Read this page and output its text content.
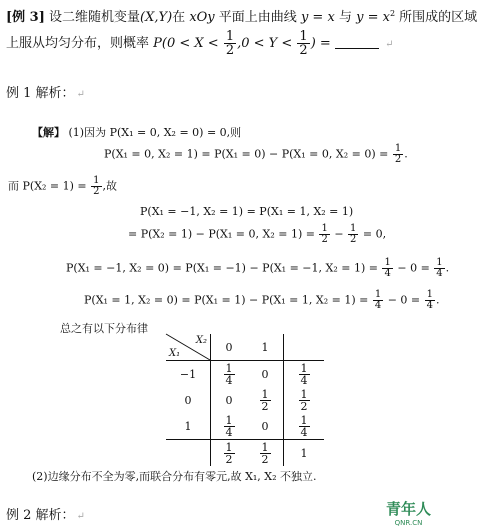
[例 3] 设二维随机变量(X,Y)在 xOy 平面上由曲线 y = x 与 $y = x^2$ 所围成的区域
上服从均匀分布，则概率 $P(0 < X < \frac{1}{2} ,0 < Y < \frac{1}{2}$ ) =	↵
例 1 解析： ↵
【解】 (1)因为 P(X₁ = 0, X₂ = 0) = 0,则
P(X₁ = 0, X₂ = 1) = P(X₁ = 0) − P(X₁ = 0, $X_2 = 0) = \frac{1}{2}$ .
而 $P(X_2 = 1) = \frac{1}{2}$ ,故
P(X₁ = −1, X₂ = 1) = P(X₁ = 1, X₂ = 1)
= P(X₂ = 1) − P(X₁ = 0, $X_2 = 1) = \frac{1}{2} - \frac{1}{2} = 0$,
P(X₁ = −1, X₂ = 0) = P(X₁ = −1) − P(X₁ = −1, $X_2 = 1) = \frac{1}{4} - 0 = \frac{1}{4}$ .
P(X₁ = 1, X₂ = 0) = P(X₁ = 1) − P(X₁ = 1, $X_2 = 1) = \frac{1}{4} - 0 = \frac{1}{4}$ .
总之有以下分布律
X₂
X₁	0	1	
−1	$\frac{1}{4}$	0	$\frac{1}{4}$

0	0	$\frac{1}{2}$	$\frac{1}{2}$

1	$\frac{1}{4}$	0	$\frac{1}{4}$

	$\frac{1}{2}$	$\frac{1}{2}$	1
(2)边缘分布不全为零,而联合分布有零元,故 X₁, X₂ 不独立.
例 2 解析： ↵	青年人
QNR.CN
